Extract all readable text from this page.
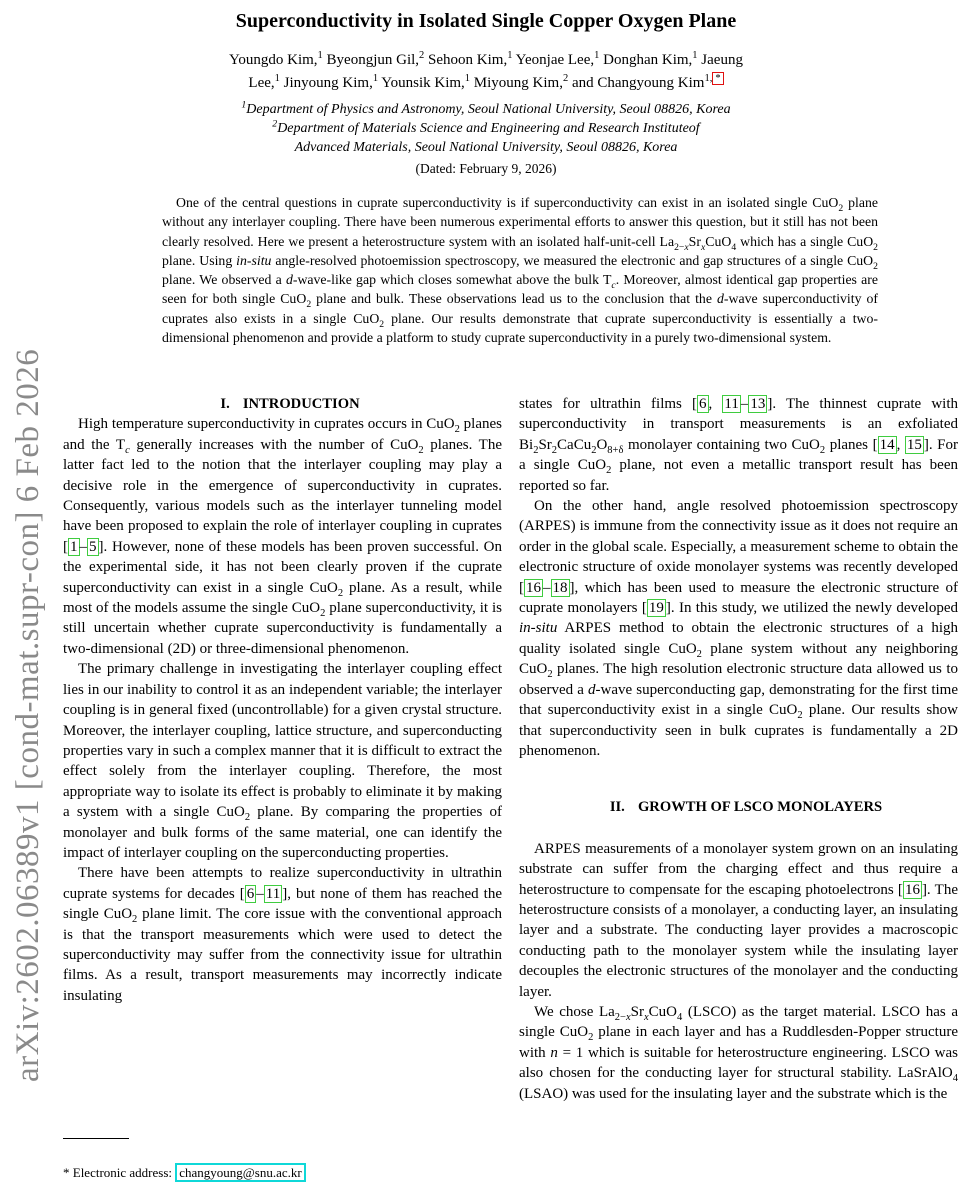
arXiv:2602.06389v1 [cond-mat.supr-con] 6 Feb 2026
Superconductivity in Isolated Single Copper Oxygen Plane
Youngdo Kim,$^1$ Byeongjun Gil,$^2$ Sehoon Kim,$^1$ Yeonjae Lee,$^1$ Donghan Kim,$^1$ Jaeung
Lee,$^1$ Jinyoung Kim,$^1$ Younsik Kim,$^1$ Miyoung Kim,$^2$ and Changyoung Kim$^{1,}$ *
$^1$Department of Physics and Astronomy, Seoul National University, Seoul 08826, Korea
$^2$Department of Materials Science and Engineering and Research Instituteof
Advanced Materials, Seoul National University, Seoul 08826, Korea
(Dated: February 9, 2026)

One of the central questions in cuprate superconductivity is if superconductivity can exist in an isolated single CuO$_2$ plane without any interlayer coupling. There have been numerous experimental efforts to answer this question, but it still has not been clearly resolved. Here we present a heterostructure system with an isolated half-unit-cell $La_{2-x}Sr_xCuO_4$ which has a single CuO$_2$ plane. Using in-situ angle-resolved photoemission spectroscopy, we measured the electronic and gap structures of a single CuO$_2$ plane. We observed a d-wave-like gap which closes somewhat above the bulk $T_c$. Moreover, almost identical gap properties are seen for both single CuO$_2$ plane and bulk. These observations lead us to the conclusion that the d-wave superconductivity of cuprates also exists in a single CuO$_2$ plane. Our results demonstrate that cuprate superconductivity is essentially a two-dimensional phenomenon and provide a platform to study cuprate superconductivity in a purely two-dimensional system.

I. INTRODUCTION

High temperature superconductivity in cuprates occurs in CuO$_2$ planes and the $T_c$ generally increases with the number of CuO$_2$ planes. The latter fact led to the notion that the interlayer coupling may play a decisive role in the emergence of superconductivity in cuprates. Consequently, various models such as the interlayer tunneling model have been proposed to explain the role of interlayer coupling in cuprates [ 1 – 5 ]. However, none of these models has been proven successful. On the experimental side, it has not been clearly proven if the cuprate superconductivity can exist in a single CuO$_2$ plane. As a result, while most of the models assume the single CuO$_2$ plane superconductivity, it is still uncertain whether cuprate superconductivity is fundamentally a two-dimensional (2D) or three-dimensional phenomenon.

The primary challenge in investigating the interlayer coupling effect lies in our inability to control it as an independent variable; the interlayer coupling is in general fixed (uncontrollable) for a given crystal structure. Moreover, the interlayer coupling, lattice structure, and superconducting properties vary in such a complex manner that it is difficult to extract the effect solely from the interlayer coupling. Therefore, the most appropriate way to isolate its effect is probably to eliminate it by making a system with a single CuO$_2$ plane. By comparing the properties of monolayer and bulk forms of the same material, one can identify the impact of interlayer coupling on the superconducting properties.

There have been attempts to realize superconductivity in ultrathin cuprate systems for decades [ 6 – 11 ], but none of them has reached the single CuO$_2$ plane limit. The core issue with the conventional approach is that the transport measurements which were used to detect the superconductivity may suffer from the connectivity issue for ultrathin films. As a result, transport measurements may incorrectly indicate insulating

states for ultrathin films [ 6 , 11 – 13 ]. The thinnest cuprate with superconductivity in transport measurements is an exfoliated $Bi_2Sr_2CaCu_2O_{8+\delta}$ monolayer containing two CuO$_2$ planes [ 14 , 15 ]. For a single CuO$_2$ plane, not even a metallic transport result has been reported so far.

On the other hand, angle resolved photoemission spectroscopy (ARPES) is immune from the connectivity issue as it does not require an order in the global scale. Especially, a measurement scheme to obtain the electronic structure of oxide monolayer systems was recently developed [ 16 – 18 ], which has been used to measure the electronic structure of cuprate monolayers [ 19 ]. In this study, we utilized the newly developed in-situ ARPES method to obtain the electronic structures of a high quality isolated single CuO$_2$ plane system without any neighboring CuO$_2$ planes. The high resolution electronic structure data allowed us to observed a d-wave superconducting gap, demonstrating for the first time that superconductivity exist in a single CuO$_2$ plane. Our results show that superconductivity seen in bulk cuprates is fundamentally a 2D phenomenon.

II. GROWTH OF LSCO MONOLAYERS

ARPES measurements of a monolayer system grown on an insulating substrate can suffer from the charging effect and thus require a heterostructure to compensate for the escaping photoelectrons [ 16 ]. The heterostructure consists of a monolayer, a conducting layer, an insulating layer and a substrate. The conducting layer provides a macroscopic conducting path to the monolayer system while the insulating layer decouples the electronic structures of the monolayer and the conducting layer.

We chose $La_{2-x}Sr_xCuO_4$ (LSCO) as the target material. LSCO has a single CuO$_2$ plane in each layer and has a Ruddlesden-Popper structure with n = 1 which is suitable for heterostructure engineering. LSCO was also chosen for the conducting layer for structural stability. LaSrAlO$_4$ (LSAO) was used for the insulating layer and the substrate which is the

* Electronic address: changyoung@snu.ac.kr
